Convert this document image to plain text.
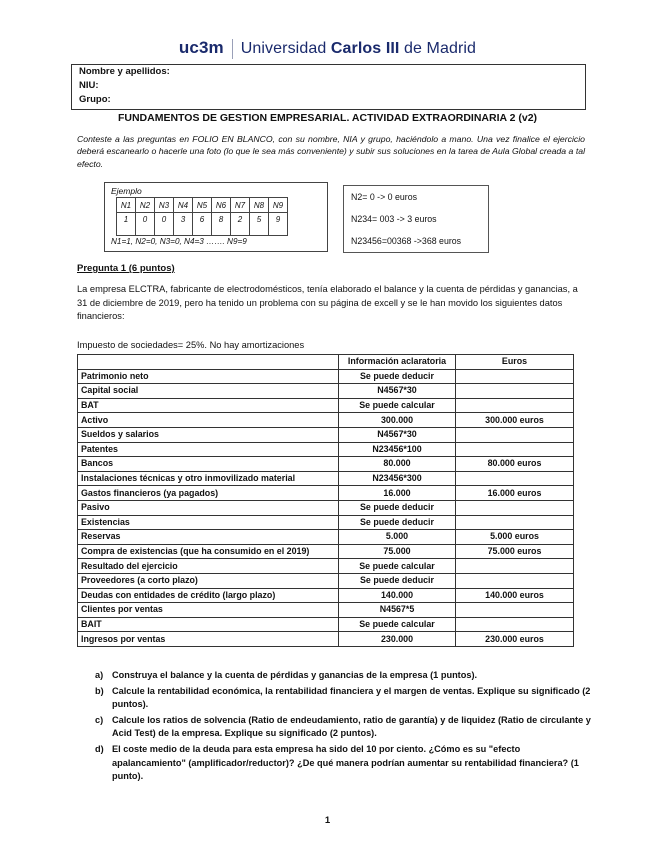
uc3m Universidad Carlos III de Madrid
Nombre y apellidos:
NIU:
Grupo:
FUNDAMENTOS DE GESTION EMPRESARIAL. ACTIVIDAD EXTRAORDINARIA 2 (v2)
Conteste a las preguntas en FOLIO EN BLANCO, con su nombre, NIA y grupo, haciéndolo a mano. Una vez finalice el ejercicio deberá escanearlo o hacerle una foto (lo que le sea más conveniente) y subir sus soluciones en la tarea de Aula Global creada a tal efecto.
Ejemplo
N1	N2	N3	N4	N5	N6	N7	N8	N9
1	0	0	3	6	8	2	5	9
N1=1, N2=0, N3=0, N4=3 ……. N9=9
N2= 0 -> 0 euros
N234= 003 -> 3 euros
N23456=00368 ->368 euros
Pregunta 1 (6 puntos)
La empresa ELCTRA, fabricante de electrodomésticos, tenía elaborado el balance y la cuenta de pérdidas y ganancias, a 31 de diciembre de 2019, pero ha tenido un problema con su página de excell y se le han movido los siguientes datos financieros:
Impuesto de sociedades= 25%. No hay amortizaciones
	Información aclaratoria	Euros
Patrimonio neto	Se puede deducir	
Capital social	N4567*30	
BAT	Se puede calcular	
Activo	300.000	300.000 euros
Sueldos y salarios	N4567*30	
Patentes	N23456*100	
Bancos	80.000	80.000 euros
Instalaciones técnicas y otro inmovilizado material	N23456*300	
Gastos financieros (ya pagados)	16.000	16.000 euros
Pasivo	Se puede deducir	
Existencias	Se puede deducir	
Reservas	5.000	5.000 euros
Compra de existencias (que ha consumido en el 2019)	75.000	75.000 euros
Resultado del ejercicio	Se puede calcular	
Proveedores (a corto plazo)	Se puede deducir	
Deudas con entidades de crédito (largo plazo)	140.000	140.000 euros
Clientes por ventas	N4567*5	
BAIT	Se puede calcular	
Ingresos por ventas	230.000	230.000 euros
a) Construya el balance y la cuenta de pérdidas y ganancias de la empresa (1 puntos).
b) Calcule la rentabilidad económica, la rentabilidad financiera y el margen de ventas. Explique su significado (2 puntos).
c) Calcule los ratios de solvencia (Ratio de endeudamiento, ratio de garantía) y de liquidez (Ratio de circulante y Acid Test) de la empresa. Explique su significado (2 puntos).
d) El coste medio de la deuda para esta empresa ha sido del 10 por ciento. ¿Cómo es su "efecto apalancamiento" (amplificador/reductor)? ¿De qué manera podrían aumentar su rentabilidad financiera? (1 punto).
1
